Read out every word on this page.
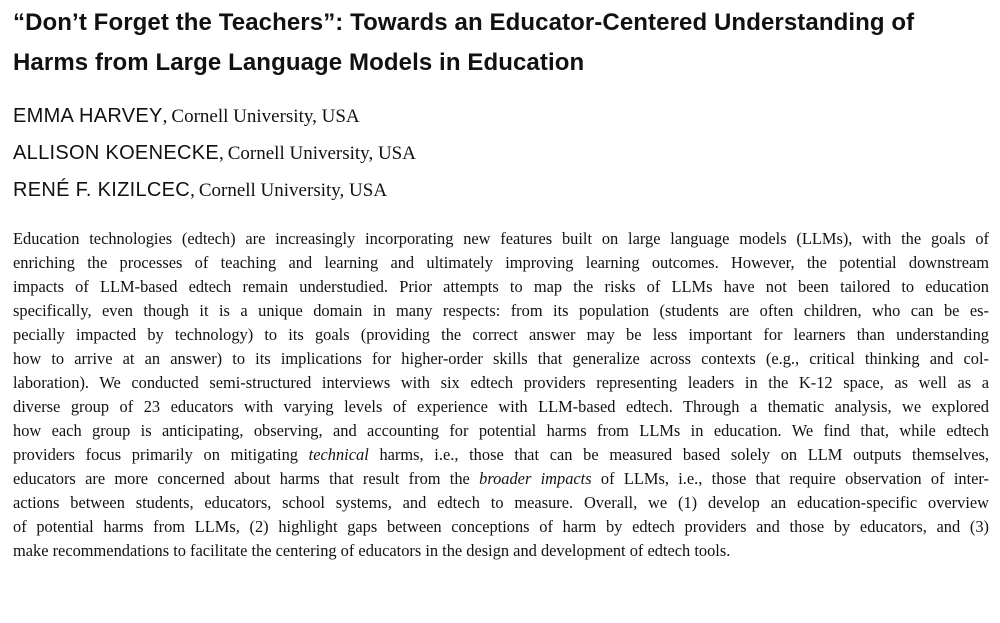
“Don’t Forget the Teachers”: Towards an Educator-Centered Understanding of
Harms from Large Language Models in Education
EMMA HARVEY, Cornell University, USA
ALLISON KOENECKE, Cornell University, USA
RENÉ F. KIZILCEC, Cornell University, USA
Education technologies (edtech) are increasingly incorporating new features built on large language models (LLMs), with the goals of
enriching the processes of teaching and learning and ultimately improving learning outcomes. However, the potential downstream
impacts of LLM-based edtech remain understudied. Prior attempts to map the risks of LLMs have not been tailored to education
specifically, even though it is a unique domain in many respects: from its population (students are often children, who can be es-
pecially impacted by technology) to its goals (providing the correct answer may be less important for learners than understanding
how to arrive at an answer) to its implications for higher-order skills that generalize across contexts (e.g., critical thinking and col-
laboration). We conducted semi-structured interviews with six edtech providers representing leaders in the K-12 space, as well as a
diverse group of 23 educators with varying levels of experience with LLM-based edtech. Through a thematic analysis, we explored
how each group is anticipating, observing, and accounting for potential harms from LLMs in education. We find that, while edtech
providers focus primarily on mitigating technical harms, i.e., those that can be measured based solely on LLM outputs themselves,
educators are more concerned about harms that result from the broader impacts of LLMs, i.e., those that require observation of inter-
actions between students, educators, school systems, and edtech to measure. Overall, we (1) develop an education-specific overview
of potential harms from LLMs, (2) highlight gaps between conceptions of harm by edtech providers and those by educators, and (3)
make recommendations to facilitate the centering of educators in the design and development of edtech tools.
